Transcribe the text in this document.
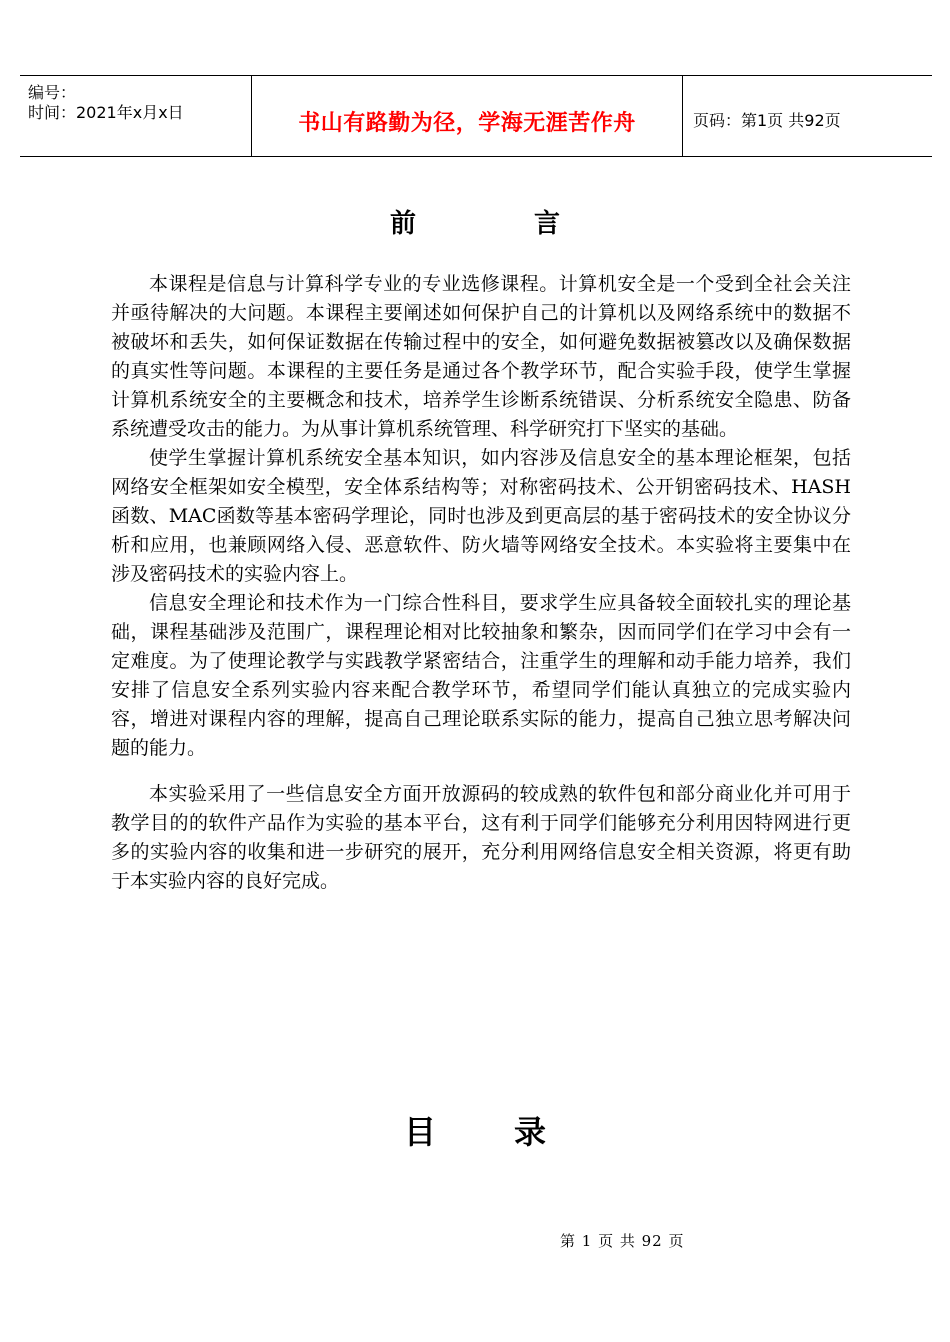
编号：
时间：2021年x月x日	书山有路勤为径，学海无涯苦作舟	页码：第1页 共92页
前	言

本课程是信息与计算科学专业的专业选修课程。计算机安全是一个受到全社会关注并亟待解决的大问题。本课程主要阐述如何保护自己的计算机以及网络系统中的数据不被破坏和丢失，如何保证数据在传输过程中的安全，如何避免数据被篡改以及确保数据的真实性等问题。本课程的主要任务是通过各个教学环节，配合实验手段，使学生掌握计算机系统安全的主要概念和技术，培养学生诊断系统错误、分析系统安全隐患、防备系统遭受攻击的能力。为从事计算机系统管理、科学研究打下坚实的基础。

使学生掌握计算机系统安全基本知识，如内容涉及信息安全的基本理论框架，包括网络安全框架如安全模型，安全体系结构等；对称密码技术、公开钥密码技术、HASH函数、MAC函数等基本密码学理论，同时也涉及到更高层的基于密码技术的安全协议分析和应用，也兼顾网络入侵、恶意软件、防火墙等网络安全技术。本实验将主要集中在涉及密码技术的实验内容上。

信息安全理论和技术作为一门综合性科目，要求学生应具备较全面较扎实的理论基础，课程基础涉及范围广，课程理论相对比较抽象和繁杂，因而同学们在学习中会有一定难度。为了使理论教学与实践教学紧密结合，注重学生的理解和动手能力培养，我们安排了信息安全系列实验内容来配合教学环节，希望同学们能认真独立的完成实验内容，增进对课程内容的理解，提高自己理论联系实际的能力，提高自己独立思考解决问题的能力。

本实验采用了一些信息安全方面开放源码的较成熟的软件包和部分商业化并可用于教学目的的软件产品作为实验的基本平台，这有利于同学们能够充分利用因特网进行更多的实验内容的收集和进一步研究的展开，充分利用网络信息安全相关资源，将更有助于本实验内容的良好完成。

目 录
第 1 页 共 92 页
